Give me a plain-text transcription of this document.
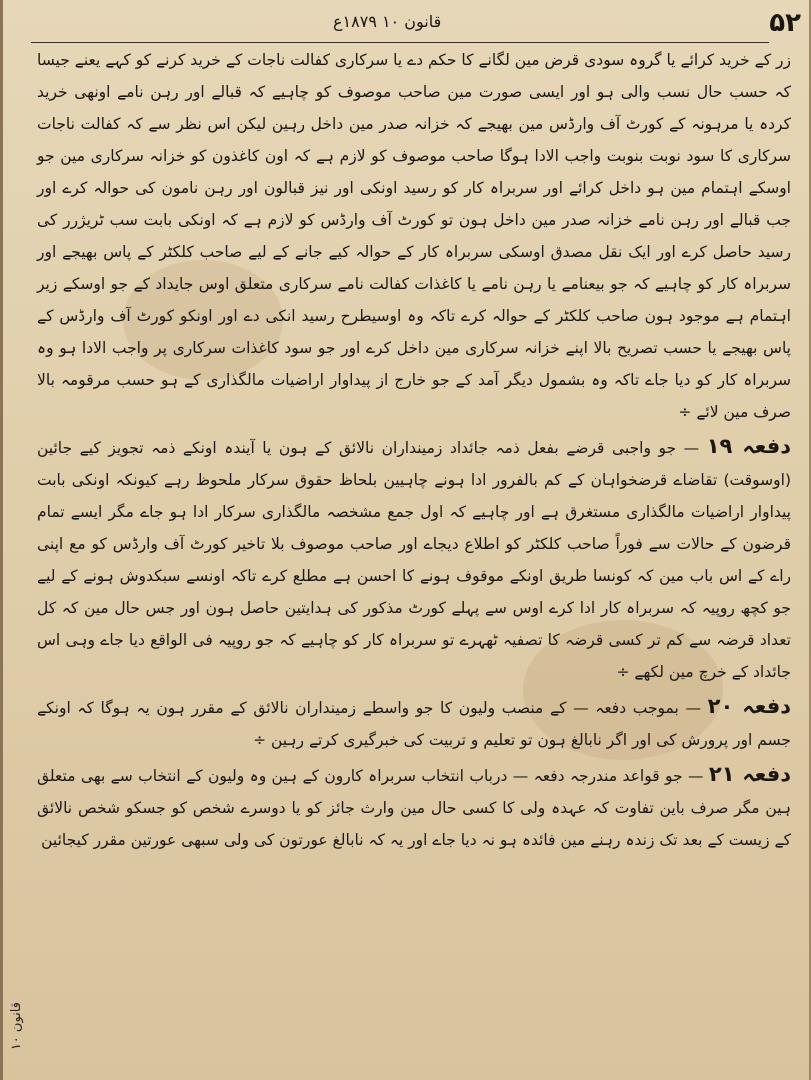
۵۲
قانون ۱۰ ۱۸۷۹ع

زر کے خرید کرائے یا گروہ سودی قرض مین لگانے کا حکم دے یا سرکاری کفالت ناجات کے خرید کرنے کو کہے یعنے جیسا کہ حسب حال نسب والی ہو اور ایسی صورت مین صاحب موصوف کو چاہیے کہ قبالے اور رہن نامے اونھی خرید کردہ یا مرہونہ کے کورٹ آف وارڈس مین بھیجے کہ خزانہ صدر مین داخل رہین لیکن اس نظر سے کہ کفالت ناجات سرکاری کا سود نوبت بنوبت واجب الادا ہوگا صاحب موصوف کو لازم ہے کہ اون کاغذون کو خزانہ سرکاری مین جو اوسکے اہتمام مین ہو داخل کرائے اور سربراہ کار کو رسید اونکی اور نیز قبالون اور رہن نامون کی حوالہ کرے اور جب قبالے اور رہن نامے خزانہ صدر مین داخل ہون تو کورٹ آف وارڈس کو لازم ہے کہ اونکی بابت سب ٹریژرر کی رسید حاصل کرے اور ایک نقل مصدق اوسکی سربراہ کار کے حوالہ کیے جانے کے لیے صاحب کلکٹر کے پاس بھیجے اور سربراہ کار کو چاہیے کہ جو بیعنامے یا رہن نامے یا کاغذات کفالت نامے سرکاری متعلق اوس جایداد کے جو اوسکے زیر اہتمام ہے موجود ہون صاحب کلکٹر کے حوالہ کرے تاکہ وہ اوسیطرح رسید انکی دے اور اونکو کورٹ آف وارڈس کے پاس بھیجے یا حسب تصریح بالا اپنے خزانہ سرکاری مین داخل کرے اور جو سود کاغذات سرکاری پر واجب الادا ہو وہ سربراہ کار کو دیا جاے تاکہ وہ بشمول دیگر آمد کے جو خارج از پیداوار اراضیات مالگذاری کے ہو حسب مرقومہ بالا صرف مین لائے ÷

دفعہ ۱۹ — جو واجبی قرضے بفعل ذمہ جائداد زمینداران نالائق کے ہون یا آیندہ اونکے ذمہ تجویز کیے جائین (اوسوقت) تقاضاے قرضخواہان کے کم بالفرور ادا ہونے چاہیین بلحاظ حقوق سرکار ملحوظ رہے کیونکہ اونکی بابت پیداوار اراضیات مالگذاری مستغرق ہے اور چاہیے کہ اول جمع مشخصہ مالگذاری سرکار ادا ہو جاے مگر ایسے تمام قرضون کے حالات سے فوراً صاحب کلکٹر کو اطلاع دیجاے اور صاحب موصوف بلا تاخیر کورٹ آف وارڈس کو مع اپنی راے کے اس باب مین کہ کونسا طریق اونکے موقوف ہونے کا احسن ہے مطلع کرے تاکہ اونسے سبکدوش ہونے کے لیے جو کچھ روپیہ کہ سربراہ کار ادا کرے اوس سے پہلے کورٹ مذکور کی ہدایتین حاصل ہون اور جس حال مین کہ کل تعداد قرضہ سے کم تر کسی قرضہ کا تصفیہ ٹھہرے تو سربراہ کار کو چاہیے کہ جو روپیہ فی الواقع دیا جاے وہی اس جائداد کے خرچ مین لکھے ÷

دفعہ ۲۰ — بموجب دفعہ — کے منصب ولیون کا جو واسطے زمینداران نالائق کے مقرر ہون یہ ہوگا کہ اونکے جسم اور پرورش کی اور اگر نابالغ ہون تو تعلیم و تربیت کی خبرگیری کرتے رہین ÷

دفعہ ۲۱ — جو قواعد مندرجہ دفعہ — درباب انتخاب سربراہ کارون کے ہین وہ ولیون کے انتخاب سے بھی متعلق ہین مگر صرف باین تفاوت کہ عہدہ ولی کا کسی حال مین وارث جائز کو یا دوسرے شخص کو جسکو شخص نالائق کے زیست کے بعد تک زندہ رہنے مین فائدہ ہو نہ دیا جاے اور یہ کہ نابالغ عورتون کی ولی سبھی عورتین مقرر کیجائین

قانون ۱۰
